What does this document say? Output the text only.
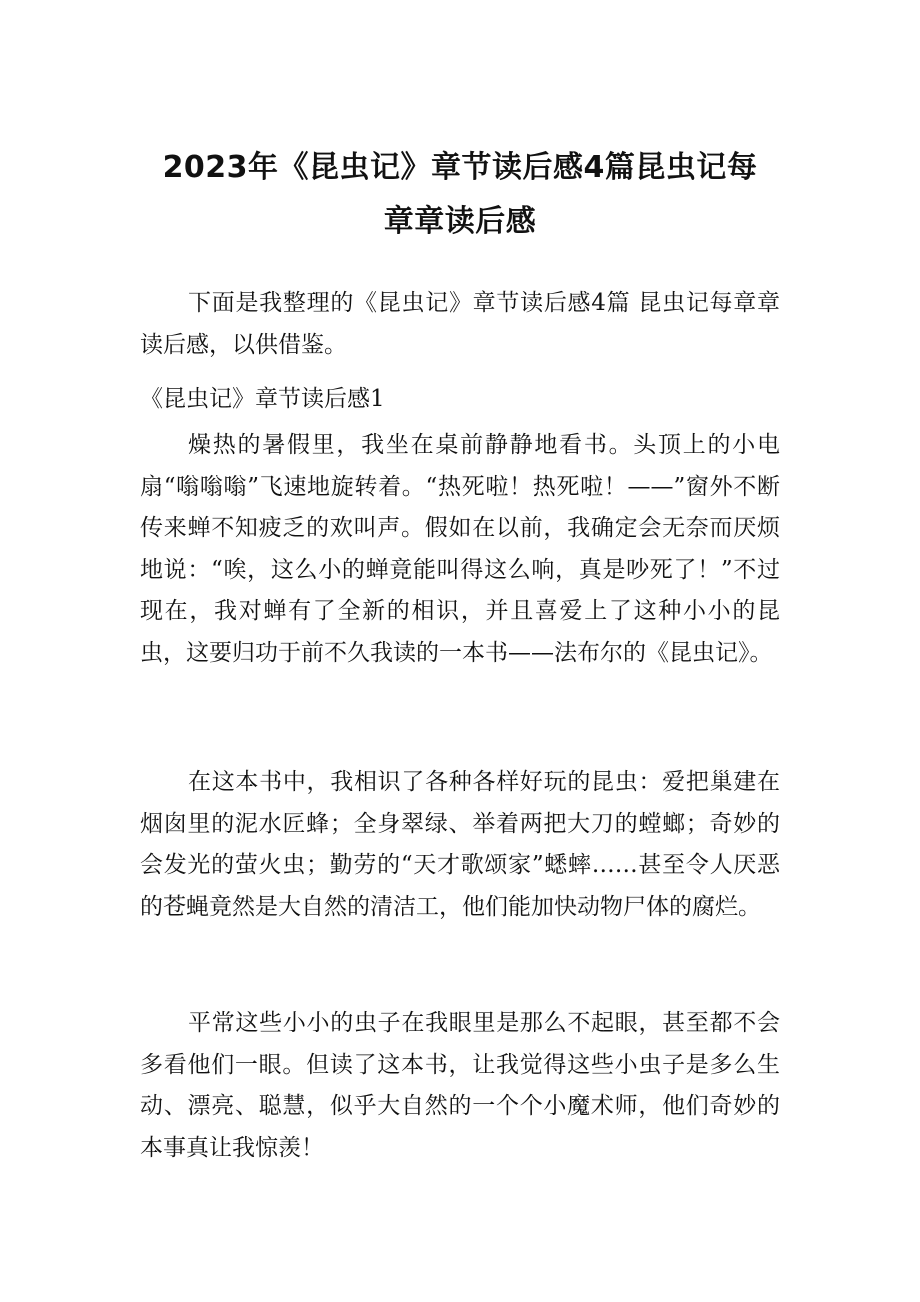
2023年《昆虫记》章节读后感4篇昆虫记每
章章读后感
下面是我整理的《昆虫记》章节读后感4篇 昆虫记每章章读后感，以供借鉴。
《昆虫记》章节读后感1
燥热的暑假里，我坐在桌前静静地看书。头顶上的小电扇“嗡嗡嗡”飞速地旋转着。“热死啦！热死啦！——”窗外不断传来蝉不知疲乏的欢叫声。假如在以前，我确定会无奈而厌烦地说：“唉，这么小的蝉竟能叫得这么响，真是吵死了！”不过现在，我对蝉有了全新的相识，并且喜爱上了这种小小的昆虫，这要归功于前不久我读的一本书——法布尔的《昆虫记》。
在这本书中，我相识了各种各样好玩的昆虫：爱把巢建在烟囱里的泥水匠蜂；全身翠绿、举着两把大刀的螳螂；奇妙的会发光的萤火虫；勤劳的“天才歌颂家”蟋蟀……甚至令人厌恶的苍蝇竟然是大自然的清洁工，他们能加快动物尸体的腐烂。
平常这些小小的虫子在我眼里是那么不起眼，甚至都不会多看他们一眼。但读了这本书，让我觉得这些小虫子是多么生动、漂亮、聪慧，似乎大自然的一个个小魔术师，他们奇妙的本事真让我惊羡！
